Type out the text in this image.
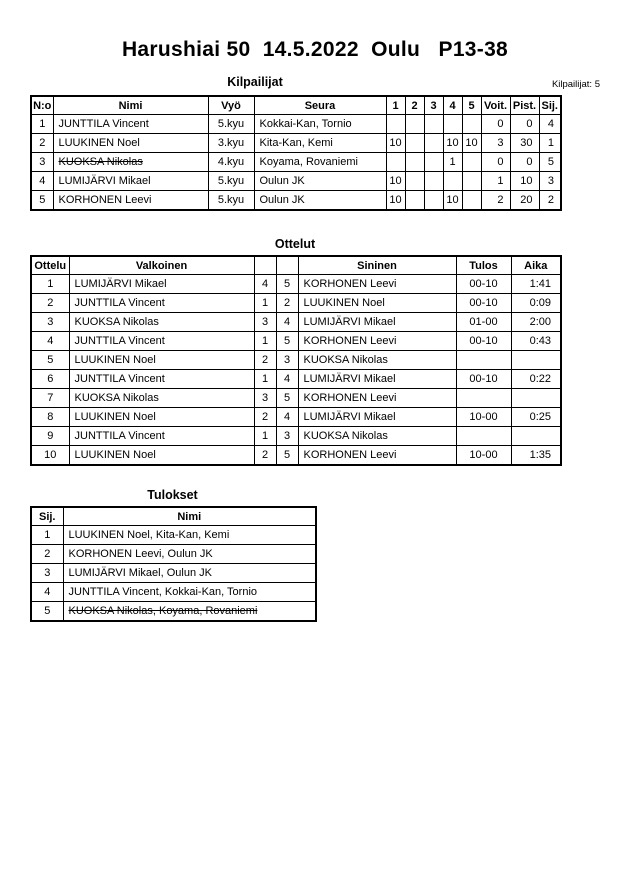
Harushiai 50  14.5.2022  Oulu   P13-38
Kilpailijat	Kilpailijat: 5
N:o	Nimi	Vyö	Seura	1	2	3	4	5	Voit.	Pist.	Sij.
1	JUNTTILA Vincent	5.kyu	Kokkai-Kan, Tornio						0	0	4
2	LUUKINEN Noel	3.kyu	Kita-Kan, Kemi	10			10	10	3	30	1
3	KUOKSA Nikolas	4.kyu	Koyama, Rovaniemi				1		0	0	5
4	LUMIJÄRVI Mikael	5.kyu	Oulun JK	10					1	10	3
5	KORHONEN Leevi	5.kyu	Oulun JK	10			10		2	20	2
Ottelut
Ottelu	Valkoinen			Sininen	Tulos	Aika
1	LUMIJÄRVI Mikael	4	5	KORHONEN Leevi	00-10	1:41
2	JUNTTILA Vincent	1	2	LUUKINEN Noel	00-10	0:09
3	KUOKSA Nikolas	3	4	LUMIJÄRVI Mikael	01-00	2:00
4	JUNTTILA Vincent	1	5	KORHONEN Leevi	00-10	0:43
5	LUUKINEN Noel	2	3	KUOKSA Nikolas		
6	JUNTTILA Vincent	1	4	LUMIJÄRVI Mikael	00-10	0:22
7	KUOKSA Nikolas	3	5	KORHONEN Leevi		
8	LUUKINEN Noel	2	4	LUMIJÄRVI Mikael	10-00	0:25
9	JUNTTILA Vincent	1	3	KUOKSA Nikolas		
10	LUUKINEN Noel	2	5	KORHONEN Leevi	10-00	1:35
Tulokset
Sij.	Nimi
1	LUUKINEN Noel, Kita-Kan, Kemi
2	KORHONEN Leevi, Oulun JK
3	LUMIJÄRVI Mikael, Oulun JK
4	JUNTTILA Vincent, Kokkai-Kan, Tornio
5	KUOKSA Nikolas, Koyama, Rovaniemi
